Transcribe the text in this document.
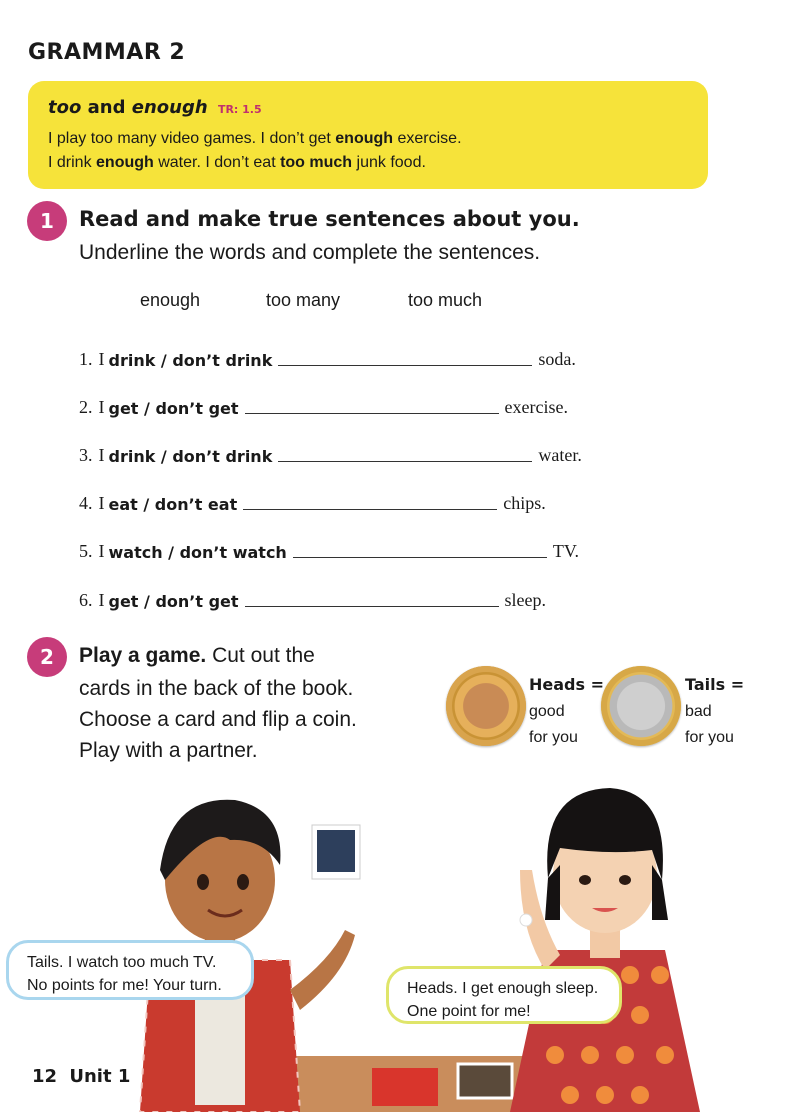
GRAMMAR 2
too and enough TR: 1.5
I play too many video games. I don’t get enough exercise.
I drink enough water. I don’t eat too much junk food.
1	Read and make true sentences about you.
Underline the words and complete the sentences.
enough	too many	too much
1. I drink / don’t drink	soda.
2. I get / don’t get	exercise.
3. I drink / don’t drink	water.
4. I eat / don’t eat	chips.
5. I watch / don’t watch	TV.
6. I get / don’t get	sleep.
2	Play a game. Cut out the
cards in the back of the book.
Choose a card and flip a coin.
Play with a partner.
Heads =
good
for you
Tails =
bad
for you
Tails. I watch too much TV.
No points for me! Your turn.	Heads. I get enough sleep.
One point for me!
12 Unit 1
